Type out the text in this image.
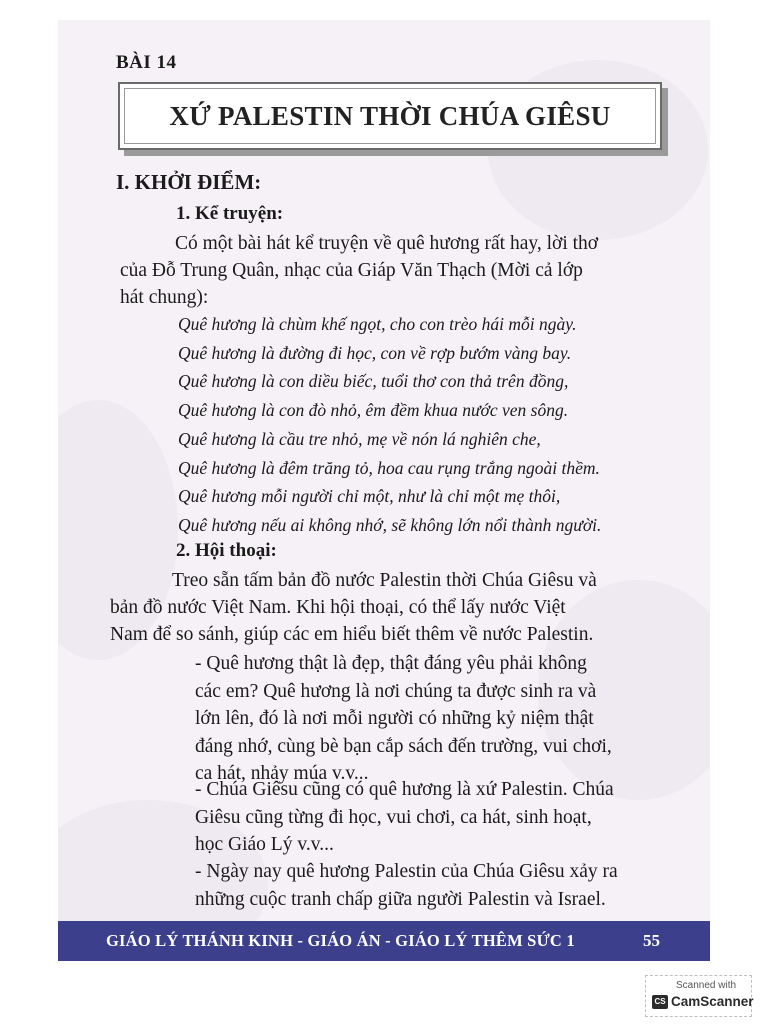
BÀI 14
XỨ PALESTIN THỜI CHÚA GIÊSU
I. KHỞI ĐIỂM:
1. Kể truyện:
Có một bài hát kể truyện về quê hương rất hay, lời thơ
của Đỗ Trung Quân, nhạc của Giáp Văn Thạch (Mời cả lớp
hát chung):
Quê hương là chùm khế ngọt, cho con trèo hái mỗi ngày.
Quê hương là đường đi học, con về rợp bướm vàng bay.
Quê hương là con diều biếc, tuổi thơ con thả trên đồng,
Quê hương là con đò nhỏ, êm đềm khua nước ven sông.
Quê hương là cầu tre nhỏ, mẹ về nón lá nghiên che,
Quê hương là đêm trăng tỏ, hoa cau rụng trắng ngoài thềm.
Quê hương mỗi người chỉ một, như là chỉ một mẹ thôi,
Quê hương nếu ai không nhớ, sẽ không lớn nổi thành người.
2. Hội thoại:
Treo sẵn tấm bản đồ nước Palestin thời Chúa Giêsu và
bản đồ nước Việt Nam. Khi hội thoại, có thể lấy nước Việt
Nam để so sánh, giúp các em hiểu biết thêm về nước Palestin.
- Quê hương thật là đẹp, thật đáng yêu phải không
các em? Quê hương là nơi chúng ta được sinh ra và
lớn lên, đó là nơi mỗi người có những kỷ niệm thật
đáng nhớ, cùng bè bạn cắp sách đến trường, vui chơi,
ca hát, nhảy múa v.v...
- Chúa Giêsu cũng có quê hương là xứ Palestin. Chúa
Giêsu cũng từng đi học, vui chơi, ca hát, sinh hoạt,
học Giáo Lý v.v...
- Ngày nay quê hương Palestin của Chúa Giêsu xảy ra
những cuộc tranh chấp giữa người Palestin và Israel.
GIÁO LÝ THÁNH KINH - GIÁO ÁN - GIÁO LÝ THÊM SỨC 1	55
Scanned with
CS CamScanner
